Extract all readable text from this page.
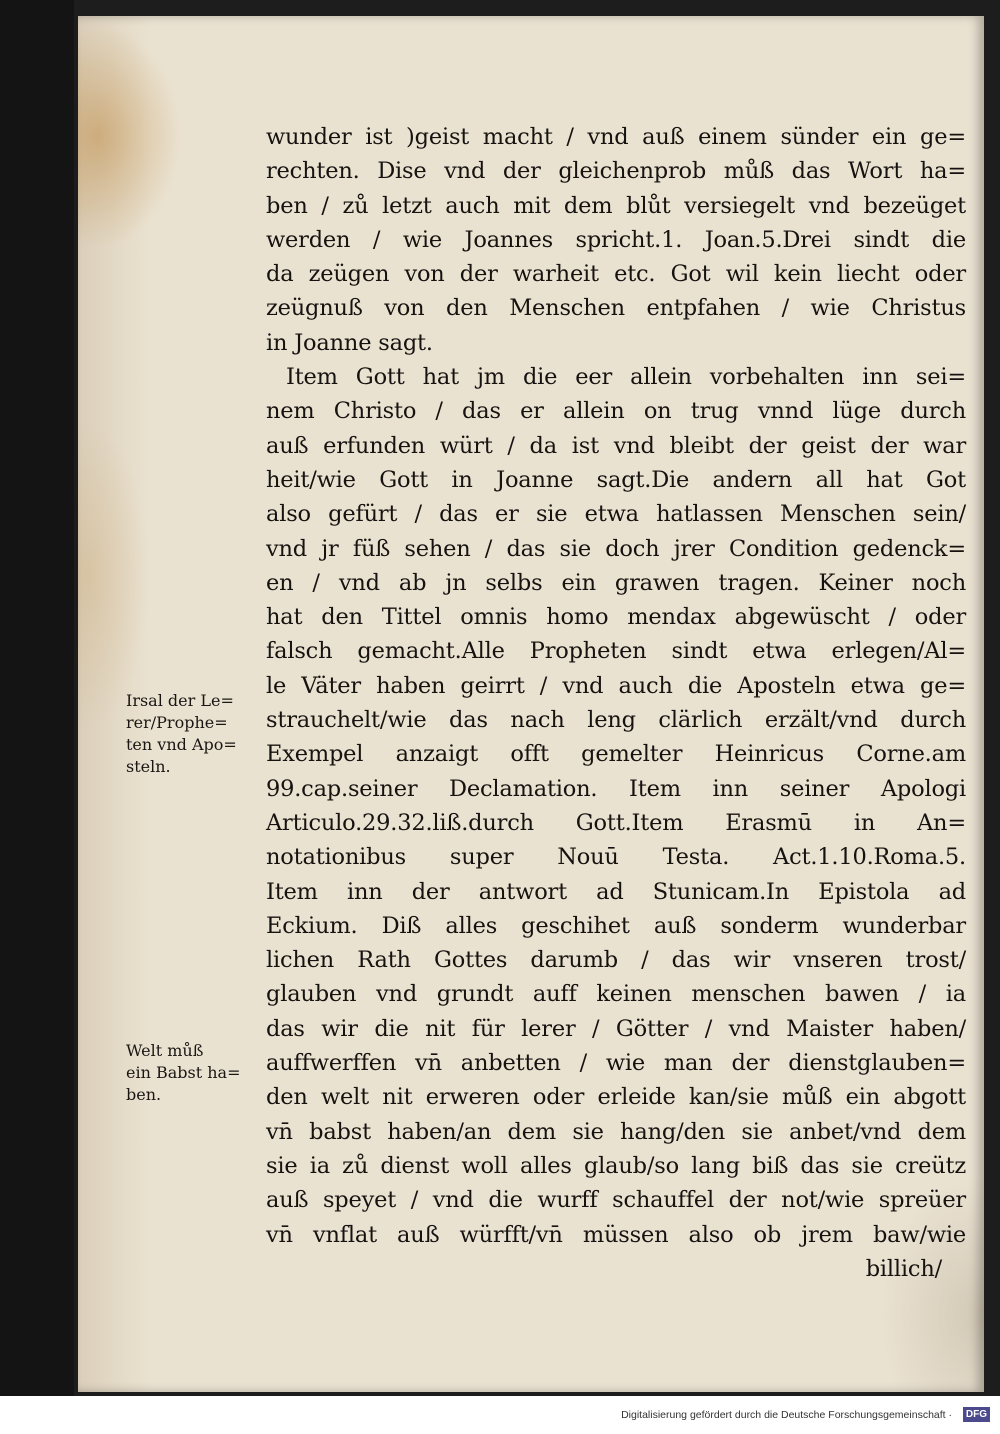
wunder ist )geist macht / vnd auß einem sünder ein ge=
rechten. Dise vnd der gleichenprob můß das Wort ha=
ben / zů letzt auch mit dem blůt versiegelt vnd bezeüget
werden / wie Joannes spricht.1. Joan.5.Drei sindt die
da zeügen von der warheit etc. Got wil kein liecht oder
zeügnuß von den Menschen entpfahen / wie Christus
in Joanne sagt.
Item Gott hat jm die eer allein vorbehalten inn sei=
nem Christo / das er allein on trug vnnd lüge durch
auß erfunden würt / da ist vnd bleibt der geist der war
heit/wie Gott in Joanne sagt.Die andern all hat Got
also gefürt / das er sie etwa hatlassen Menschen sein/
vnd jr füß sehen / das sie doch jrer Condition gedenck=
en / vnd ab jn selbs ein grawen tragen. Keiner noch
hat den Tittel omnis homo mendax abgewüscht / oder
falsch gemacht.Alle Propheten sindt etwa erlegen/Al=
le Väter haben geirrt / vnd auch die Aposteln etwa ge=
strauchelt/wie das nach leng clärlich erzält/vnd durch
Exempel anzaigt offt gemelter Heinricus Corne.am
99.cap.seiner Declamation. Item inn seiner Apologi
Articulo.29.32.liß.durch Gott.Item Erasmū in An=
notationibus super Nouū Testa. Act.1.10.Roma.5.
Item inn der antwort ad Stunicam.In Epistola ad
Eckium. Diß alles geschihet auß sonderm wunderbar
lichen Rath Gottes darumb / das wir vnseren trost/
glauben vnd grundt auff keinen menschen bawen / ia
das wir die nit für lerer / Götter / vnd Maister haben/
auffwerffen vn̄ anbetten / wie man der dienstglauben=
den welt nit erweren oder erleide kan/sie můß ein abgott
vn̄ babst haben/an dem sie hang/den sie anbet/vnd dem
sie ia zů dienst woll alles glaub/so lang biß das sie creütz
auß speyet / vnd die wurff schauffel der not/wie spreüer
vn̄ vnflat auß würfft/vn̄ müssen also ob jrem baw/wie
billich/
Irsal der Le=
rer/Prophe=
ten vnd Apo=
steln.
Welt můß
ein Babst ha=
ben.
Digitalisierung gefördert durch die Deutsche Forschungsgemeinschaft ·	DFG
